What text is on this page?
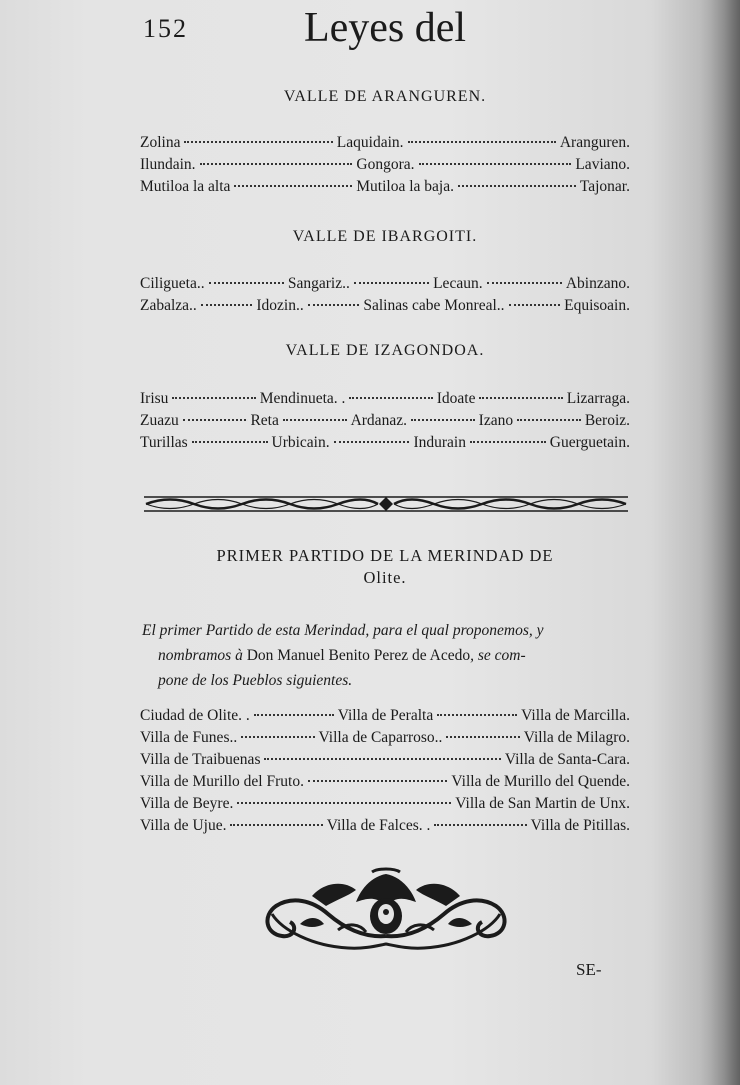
152	Leyes del
VALLE DE ARANGUREN.
Zolina	Laquidain.	Aranguren.
Ilundain.	Gongora.	Laviano.
Mutiloa la alta	Mutiloa la baja.	Tajonar.
VALLE DE IBARGOITI.
Ciligueta..	Sangariz..	Lecaun.	Abinzano.
Zabalza..	Idozin..	Salinas cabe Monreal..	Equisoain.
VALLE DE IZAGONDOA.
Irisu	Mendinueta. .	Idoate	Lizarraga.
Zuazu	Reta	Ardanaz.	Izano	Beroiz.
Turillas	Urbicain.	Indurain	Guerguetain.
PRIMER PARTIDO DE LA MERINDAD DE
Olite.

El primer Partido de esta Merindad, para el qual proponemos, y
nombramos à Don Manuel Benito Perez de Acedo, se com-
pone de los Pueblos siguientes.

Ciudad de Olite. .	Villa de Peralta	Villa de Marcilla.
Villa de Funes..	Villa de Caparroso..	Villa de Milagro.
Villa de Traibuenas	Villa de Santa-Cara.
Villa de Murillo del Fruto.	Villa de Murillo del Quende.
Villa de Beyre.	Villa de San Martin de Unx.
Villa de Ujue.	Villa de Falces. .	Villa de Pitillas.

SE-
